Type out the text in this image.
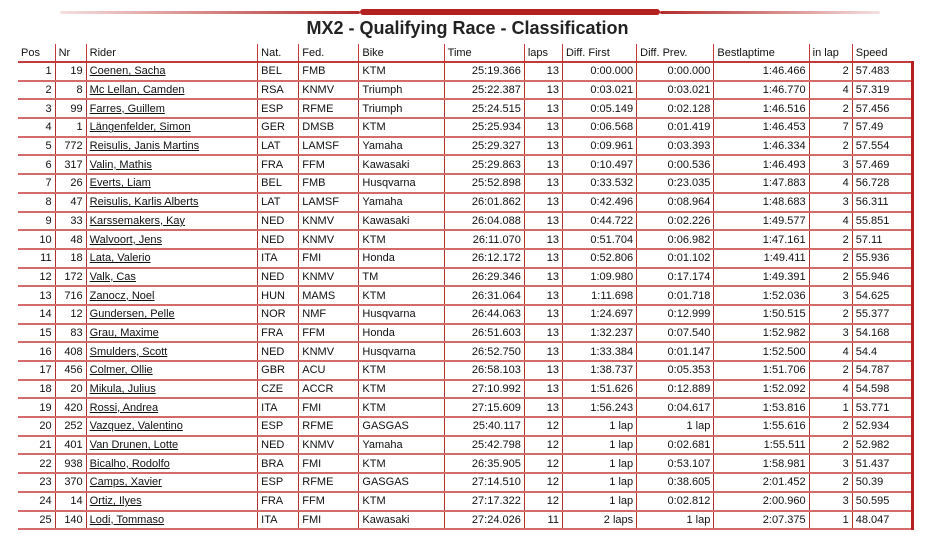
MX2 - Qualifying Race - Classification
Pos	Nr	Rider	Nat.	Fed.	Bike	Time	laps	Diff. First	Diff. Prev.	Bestlaptime	in lap	Speed
1	19	Coenen, Sacha	BEL	FMB	KTM	25:19.366	13	0:00.000	0:00.000	1:46.466	2	57.483
2	8	Mc Lellan, Camden	RSA	KNMV	Triumph	25:22.387	13	0:03.021	0:03.021	1:46.770	4	57.319
3	99	Farres, Guillem	ESP	RFME	Triumph	25:24.515	13	0:05.149	0:02.128	1:46.516	2	57.456
4	1	Längenfelder, Simon	GER	DMSB	KTM	25:25.934	13	0:06.568	0:01.419	1:46.453	7	57.49
5	772	Reisulis, Janis Martins	LAT	LAMSF	Yamaha	25:29.327	13	0:09.961	0:03.393	1:46.334	2	57.554
6	317	Valin, Mathis	FRA	FFM	Kawasaki	25:29.863	13	0:10.497	0:00.536	1:46.493	3	57.469
7	26	Everts, Liam	BEL	FMB	Husqvarna	25:52.898	13	0:33.532	0:23.035	1:47.883	4	56.728
8	47	Reisulis, Karlis Alberts	LAT	LAMSF	Yamaha	26:01.862	13	0:42.496	0:08.964	1:48.683	3	56.311
9	33	Karssemakers, Kay	NED	KNMV	Kawasaki	26:04.088	13	0:44.722	0:02.226	1:49.577	4	55.851
10	48	Walvoort, Jens	NED	KNMV	KTM	26:11.070	13	0:51.704	0:06.982	1:47.161	2	57.11
11	18	Lata, Valerio	ITA	FMI	Honda	26:12.172	13	0:52.806	0:01.102	1:49.411	2	55.936
12	172	Valk, Cas	NED	KNMV	TM	26:29.346	13	1:09.980	0:17.174	1:49.391	2	55.946
13	716	Zanocz, Noel	HUN	MAMS	KTM	26:31.064	13	1:11.698	0:01.718	1:52.036	3	54.625
14	12	Gundersen, Pelle	NOR	NMF	Husqvarna	26:44.063	13	1:24.697	0:12.999	1:50.515	2	55.377
15	83	Grau, Maxime	FRA	FFM	Honda	26:51.603	13	1:32.237	0:07.540	1:52.982	3	54.168
16	408	Smulders, Scott	NED	KNMV	Husqvarna	26:52.750	13	1:33.384	0:01.147	1:52.500	4	54.4
17	456	Colmer, Ollie	GBR	ACU	KTM	26:58.103	13	1:38.737	0:05.353	1:51.706	2	54.787
18	20	Mikula, Julius	CZE	ACCR	KTM	27:10.992	13	1:51.626	0:12.889	1:52.092	4	54.598
19	420	Rossi, Andrea	ITA	FMI	KTM	27:15.609	13	1:56.243	0:04.617	1:53.816	1	53.771
20	252	Vazquez, Valentino	ESP	RFME	GASGAS	25:40.117	12	1 lap	1 lap	1:55.616	2	52.934
21	401	Van Drunen, Lotte	NED	KNMV	Yamaha	25:42.798	12	1 lap	0:02.681	1:55.511	2	52.982
22	938	Bicalho, Rodolfo	BRA	FMI	KTM	26:35.905	12	1 lap	0:53.107	1:58.981	3	51.437
23	370	Camps, Xavier	ESP	RFME	GASGAS	27:14.510	12	1 lap	0:38.605	2:01.452	2	50.39
24	14	Ortiz, Ilyes	FRA	FFM	KTM	27:17.322	12	1 lap	0:02.812	2:00.960	3	50.595
25	140	Lodi, Tommaso	ITA	FMI	Kawasaki	27:24.026	11	2 laps	1 lap	2:07.375	1	48.047
